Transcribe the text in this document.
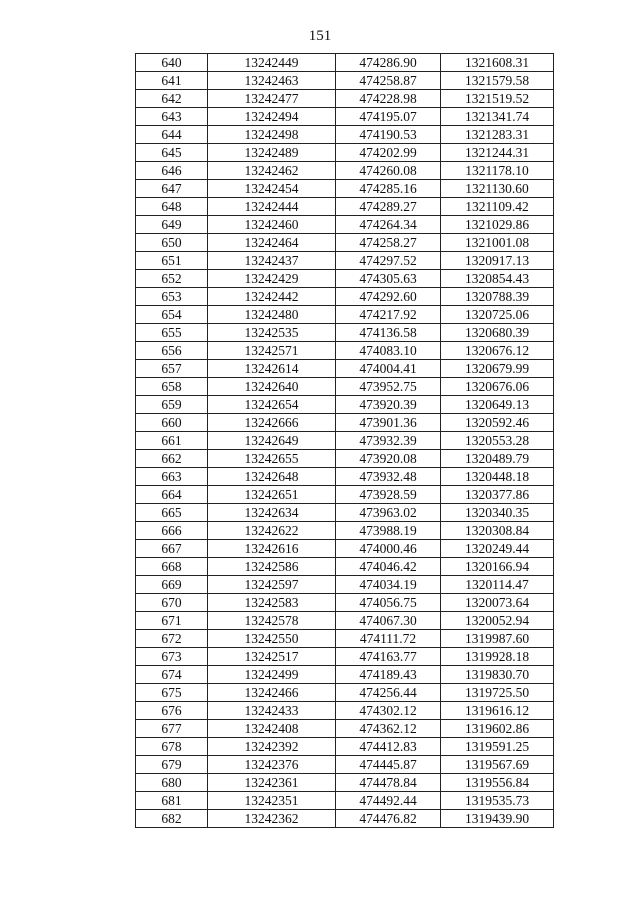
151
640	13242449	474286.90	1321608.31
641	13242463	474258.87	1321579.58
642	13242477	474228.98	1321519.52
643	13242494	474195.07	1321341.74
644	13242498	474190.53	1321283.31
645	13242489	474202.99	1321244.31
646	13242462	474260.08	1321178.10
647	13242454	474285.16	1321130.60
648	13242444	474289.27	1321109.42
649	13242460	474264.34	1321029.86
650	13242464	474258.27	1321001.08
651	13242437	474297.52	1320917.13
652	13242429	474305.63	1320854.43
653	13242442	474292.60	1320788.39
654	13242480	474217.92	1320725.06
655	13242535	474136.58	1320680.39
656	13242571	474083.10	1320676.12
657	13242614	474004.41	1320679.99
658	13242640	473952.75	1320676.06
659	13242654	473920.39	1320649.13
660	13242666	473901.36	1320592.46
661	13242649	473932.39	1320553.28
662	13242655	473920.08	1320489.79
663	13242648	473932.48	1320448.18
664	13242651	473928.59	1320377.86
665	13242634	473963.02	1320340.35
666	13242622	473988.19	1320308.84
667	13242616	474000.46	1320249.44
668	13242586	474046.42	1320166.94
669	13242597	474034.19	1320114.47
670	13242583	474056.75	1320073.64
671	13242578	474067.30	1320052.94
672	13242550	474111.72	1319987.60
673	13242517	474163.77	1319928.18
674	13242499	474189.43	1319830.70
675	13242466	474256.44	1319725.50
676	13242433	474302.12	1319616.12
677	13242408	474362.12	1319602.86
678	13242392	474412.83	1319591.25
679	13242376	474445.87	1319567.69
680	13242361	474478.84	1319556.84
681	13242351	474492.44	1319535.73
682	13242362	474476.82	1319439.90
